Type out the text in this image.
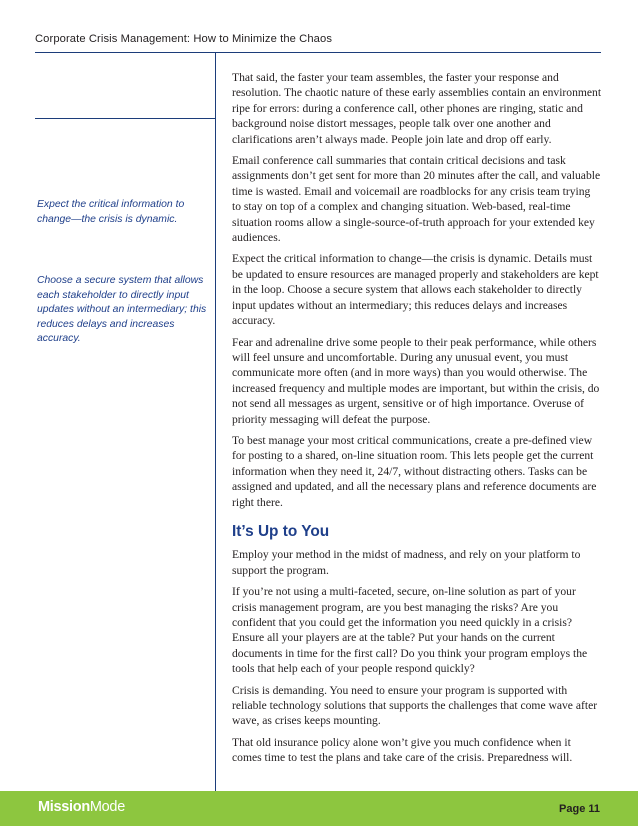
Corporate Crisis Management: How to Minimize the Chaos

Expect the critical information to change—the crisis is dynamic.

Choose a secure system that allows each stakeholder to directly input updates without an intermediary; this reduces delays and increases accuracy.

That said, the faster your team assembles, the faster your response and resolution. The chaotic nature of these early assemblies contain an environment ripe for errors: during a conference call, other phones are ringing, static and background noise distort messages, people talk over one another and clarifications aren’t always made. People join late and drop off early.

Email conference call summaries that contain critical decisions and task assignments don’t get sent for more than 20 minutes after the call, and valuable time is wasted. Email and voicemail are roadblocks for any crisis team trying to stay on top of a complex and changing situation. Web-based, real-time situation rooms allow a single-source-of-truth approach for your extended key audiences.

Expect the critical information to change—the crisis is dynamic. Details must be updated to ensure resources are managed properly and stakeholders are kept in the loop. Choose a secure system that allows each stakeholder to directly input updates without an intermediary; this reduces delays and increases accuracy.

Fear and adrenaline drive some people to their peak performance, while others will feel unsure and uncomfortable. During any unusual event, you must communicate more often (and in more ways) than you would otherwise. The increased frequency and multiple modes are important, but within the crisis, do not send all messages as urgent, sensitive or of high importance. Overuse of priority messaging will defeat the purpose.

To best manage your most critical communications, create a pre-defined view for posting to a shared, on-line situation room. This lets people get the current information when they need it, 24/7, without distracting others. Tasks can be assigned and updated, and all the necessary plans and reference documents are right there.

It’s Up to You

Employ your method in the midst of madness, and rely on your platform to support the program.

If you’re not using a multi-faceted, secure, on-line solution as part of your crisis management program, are you best managing the risks? Are you confident that you could get the information you need quickly in a crisis? Ensure all your players are at the table? Put your hands on the current documents in time for the first call? Do you think your program employs the tools that help each of your people respond quickly?

Crisis is demanding. You need to ensure your program is supported with reliable technology solutions that supports the challenges that come wave after wave, as crises keeps mounting.

That old insurance policy alone won’t give you much confidence when it comes time to test the plans and take care of the crisis. Preparedness will.

MissionMode	Page 11
